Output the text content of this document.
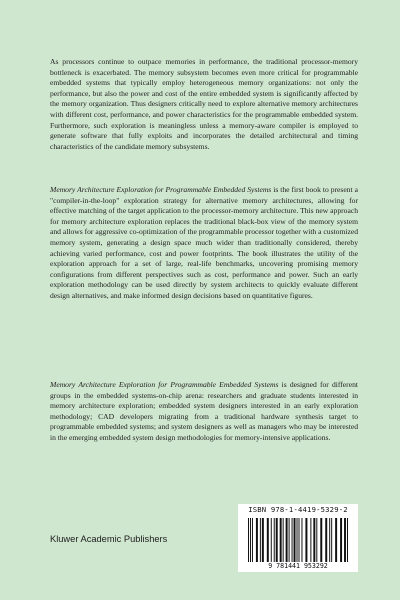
As processors continue to outpace memories in performance, the traditional processor-memory bottleneck is exacerbated. The memory subsystem becomes even more critical for programmable embedded systems that typically employ heterogeneous memory organizations: not only the performance, but also the power and cost of the entire embedded system is significantly affected by the memory organization. Thus designers critically need to explore alternative memory architectures with different cost, performance, and power characteristics for the programmable embedded system. Furthermore, such exploration is meaningless unless a memory-aware compiler is employed to generate software that fully exploits and incorporates the detailed architectural and timing characteristics of the candidate memory subsystems.

Memory Architecture Exploration for Programmable Embedded Systems is the first book to present a "compiler-in-the-loop" exploration strategy for alternative memory architectures, allowing for effective matching of the target application to the processor-memory architecture. This new approach for memory architecture exploration replaces the traditional black-box view of the memory system and allows for aggressive co-optimization of the programmable processor together with a customized memory system, generating a design space much wider than traditionally considered, thereby achieving varied performance, cost and power footprints. The book illustrates the utility of the exploration approach for a set of large, real-life benchmarks, uncovering promising memory configurations from different perspectives such as cost, performance and power. Such an early exploration methodology can be used directly by system architects to quickly evaluate different design alternatives, and make informed design decisions based on quantitative figures.

Memory Architecture Exploration for Programmable Embedded Systems is designed for different groups in the embedded systems-on-chip arena: researchers and graduate students interested in memory architecture exploration; embedded system designers interested in an early exploration methodology; CAD developers migrating from a traditional hardware synthesis target to programmable embedded systems; and system designers as well as managers who may be interested in the emerging embedded system design methodologies for memory-intensive applications.

ISBN 978-1-4419-5329-2
9 781441 953292
Kluwer Academic Publishers
